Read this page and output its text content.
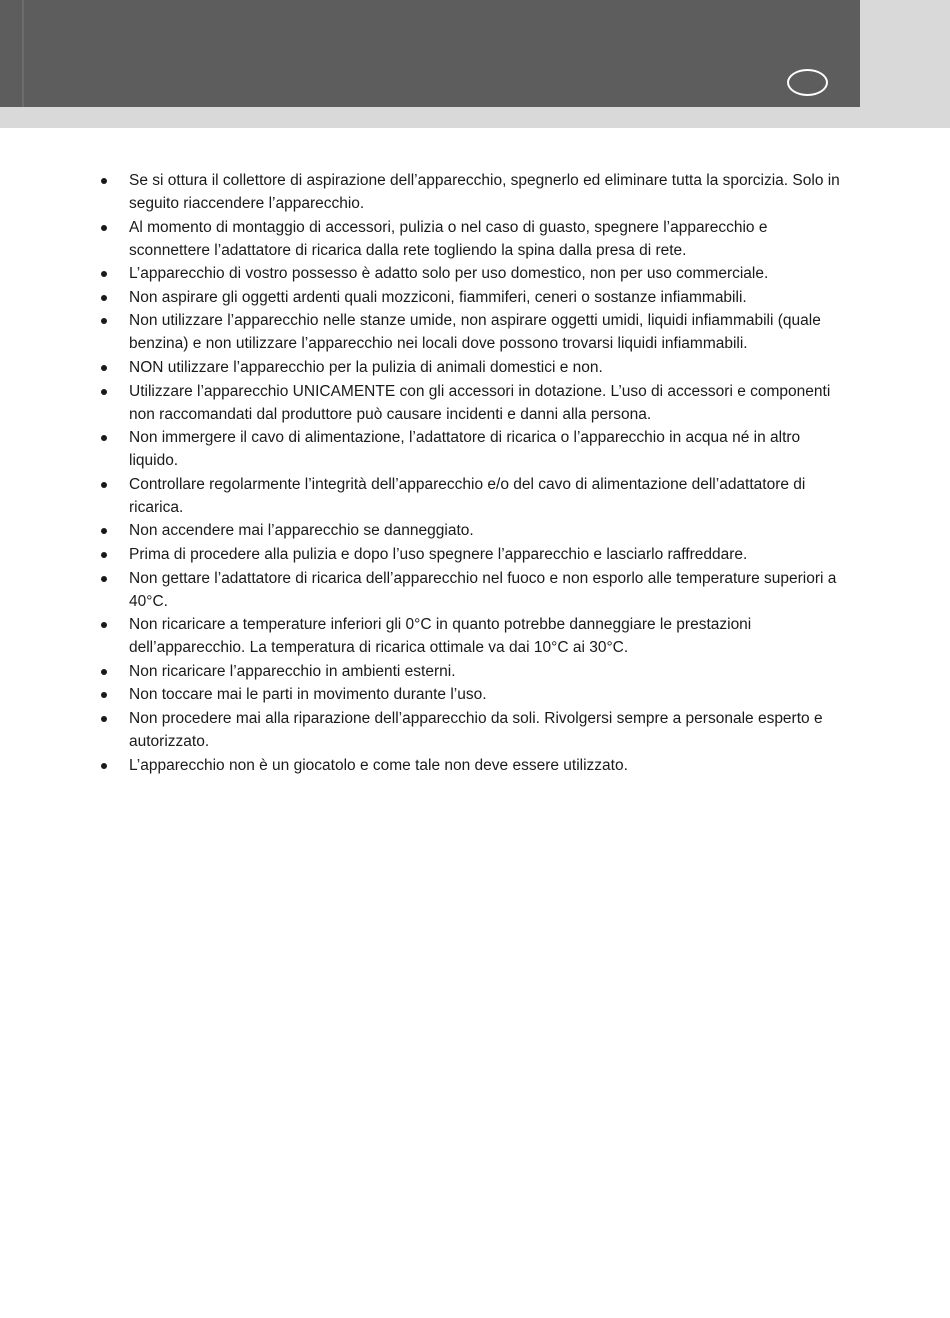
Se si ottura il collettore di aspirazione dell’apparecchio, spegnerlo ed eliminare tutta la sporcizia. Solo in seguito riaccendere l’apparecchio.
Al momento di montaggio di accessori, pulizia o nel caso di guasto, spegnere l’apparecchio e sconnettere l’adattatore di ricarica dalla rete togliendo la spina dalla presa di rete.
L’apparecchio di vostro possesso è adatto solo per uso domestico, non per uso commerciale.
Non aspirare gli oggetti ardenti quali mozziconi, fiammiferi, ceneri o sostanze infiammabili.
Non utilizzare l’apparecchio nelle stanze umide, non aspirare oggetti umidi, liquidi infiammabili (quale benzina) e non utilizzare l’apparecchio nei locali dove possono trovarsi liquidi infiammabili.
NON utilizzare l’apparecchio per la pulizia di animali domestici e non.
Utilizzare l’apparecchio UNICAMENTE con gli accessori in dotazione. L’uso di accessori e componenti non raccomandati dal produttore può causare incidenti e danni alla persona.
Non immergere il cavo di alimentazione, l’adattatore di ricarica o l’apparecchio in acqua né in altro liquido.
Controllare regolarmente l’integrità dell’apparecchio e/o del cavo di alimentazione dell’adattatore di ricarica.
Non accendere mai l’apparecchio se danneggiato.
Prima di procedere alla pulizia e dopo l’uso spegnere l’apparecchio e lasciarlo raffreddare.
Non gettare l’adattatore di ricarica dell’apparecchio nel fuoco e non esporlo alle temperature superiori a 40°C.
Non ricaricare a temperature inferiori gli 0°C in quanto potrebbe danneggiare le prestazioni dell’apparecchio. La temperatura di ricarica ottimale va dai 10°C ai 30°C.
Non ricaricare l’apparecchio in ambienti esterni.
Non toccare mai le parti in movimento durante l’uso.
Non procedere mai alla riparazione dell’apparecchio da soli. Rivolgersi sempre a personale esperto e autorizzato.
L’apparecchio non è un giocatolo e come tale non deve essere utilizzato.
